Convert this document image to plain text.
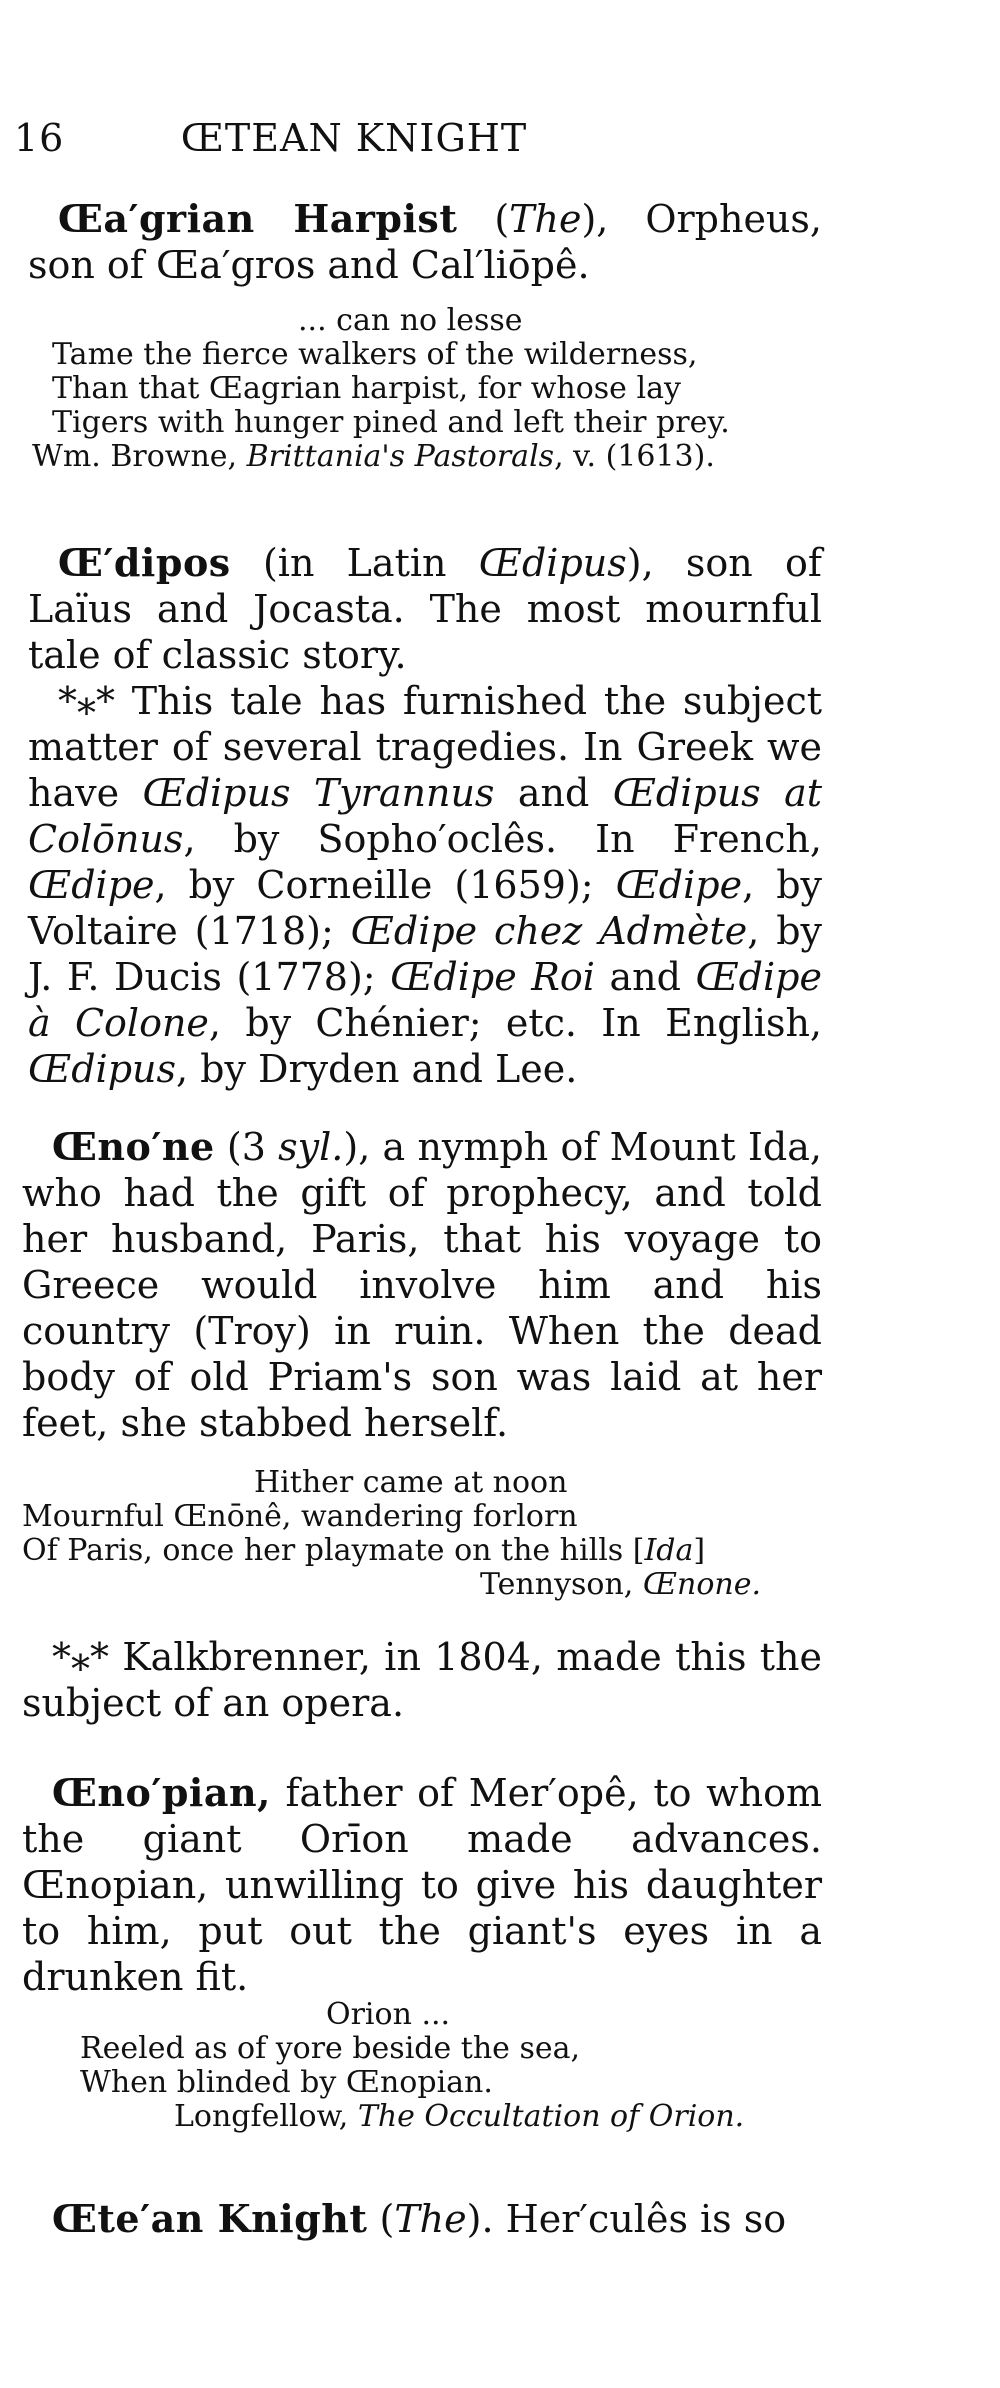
16	ŒTEAN KNIGHT

Œa′grian Harpist (The), Orpheus, son of Œa′gros and Cal′liōpê.

... can no lesse
Tame the fierce walkers of the wilderness,
Than that Œagrian harpist, for whose lay
Tigers with hunger pined and left their prey.
Wm. Browne, Brittania's Pastorals, v. (1613).

Œ′dipos (in Latin Œdipus), son of Laïus and Jocasta. The most mournful tale of classic story.

*⁎* This tale has furnished the subject matter of several tragedies. In Greek we have Œdipus Tyrannus and Œdipus at Colōnus, by Sopho′oclês. In French, Œdipe, by Corneille (1659); Œdipe, by Voltaire (1718); Œdipe chez Admète, by J. F. Ducis (1778); Œdipe Roi and Œdipe à Colone, by Chénier; etc. In English, Œdipus, by Dryden and Lee.

Œno′ne (3 syl.), a nymph of Mount Ida, who had the gift of prophecy, and told her husband, Paris, that his voyage to Greece would involve him and his country (Troy) in ruin. When the dead body of old Priam's son was laid at her feet, she stabbed herself.

Hither came at noon
Mournful Œnōnê, wandering forlorn
Of Paris, once her playmate on the hills [Ida]
Tennyson, Œnone.

*⁎* Kalkbrenner, in 1804, made this the subject of an opera.

Œno′pian, father of Mer′opê, to whom the giant Orīon made advances. Œnopian, unwilling to give his daughter to him, put out the giant's eyes in a drunken fit.

Orion ...
Reeled as of yore beside the sea,
When blinded by Œnopian.
Longfellow, The Occultation of Orion.

Œte′an Knight (The). Her′culês is so
